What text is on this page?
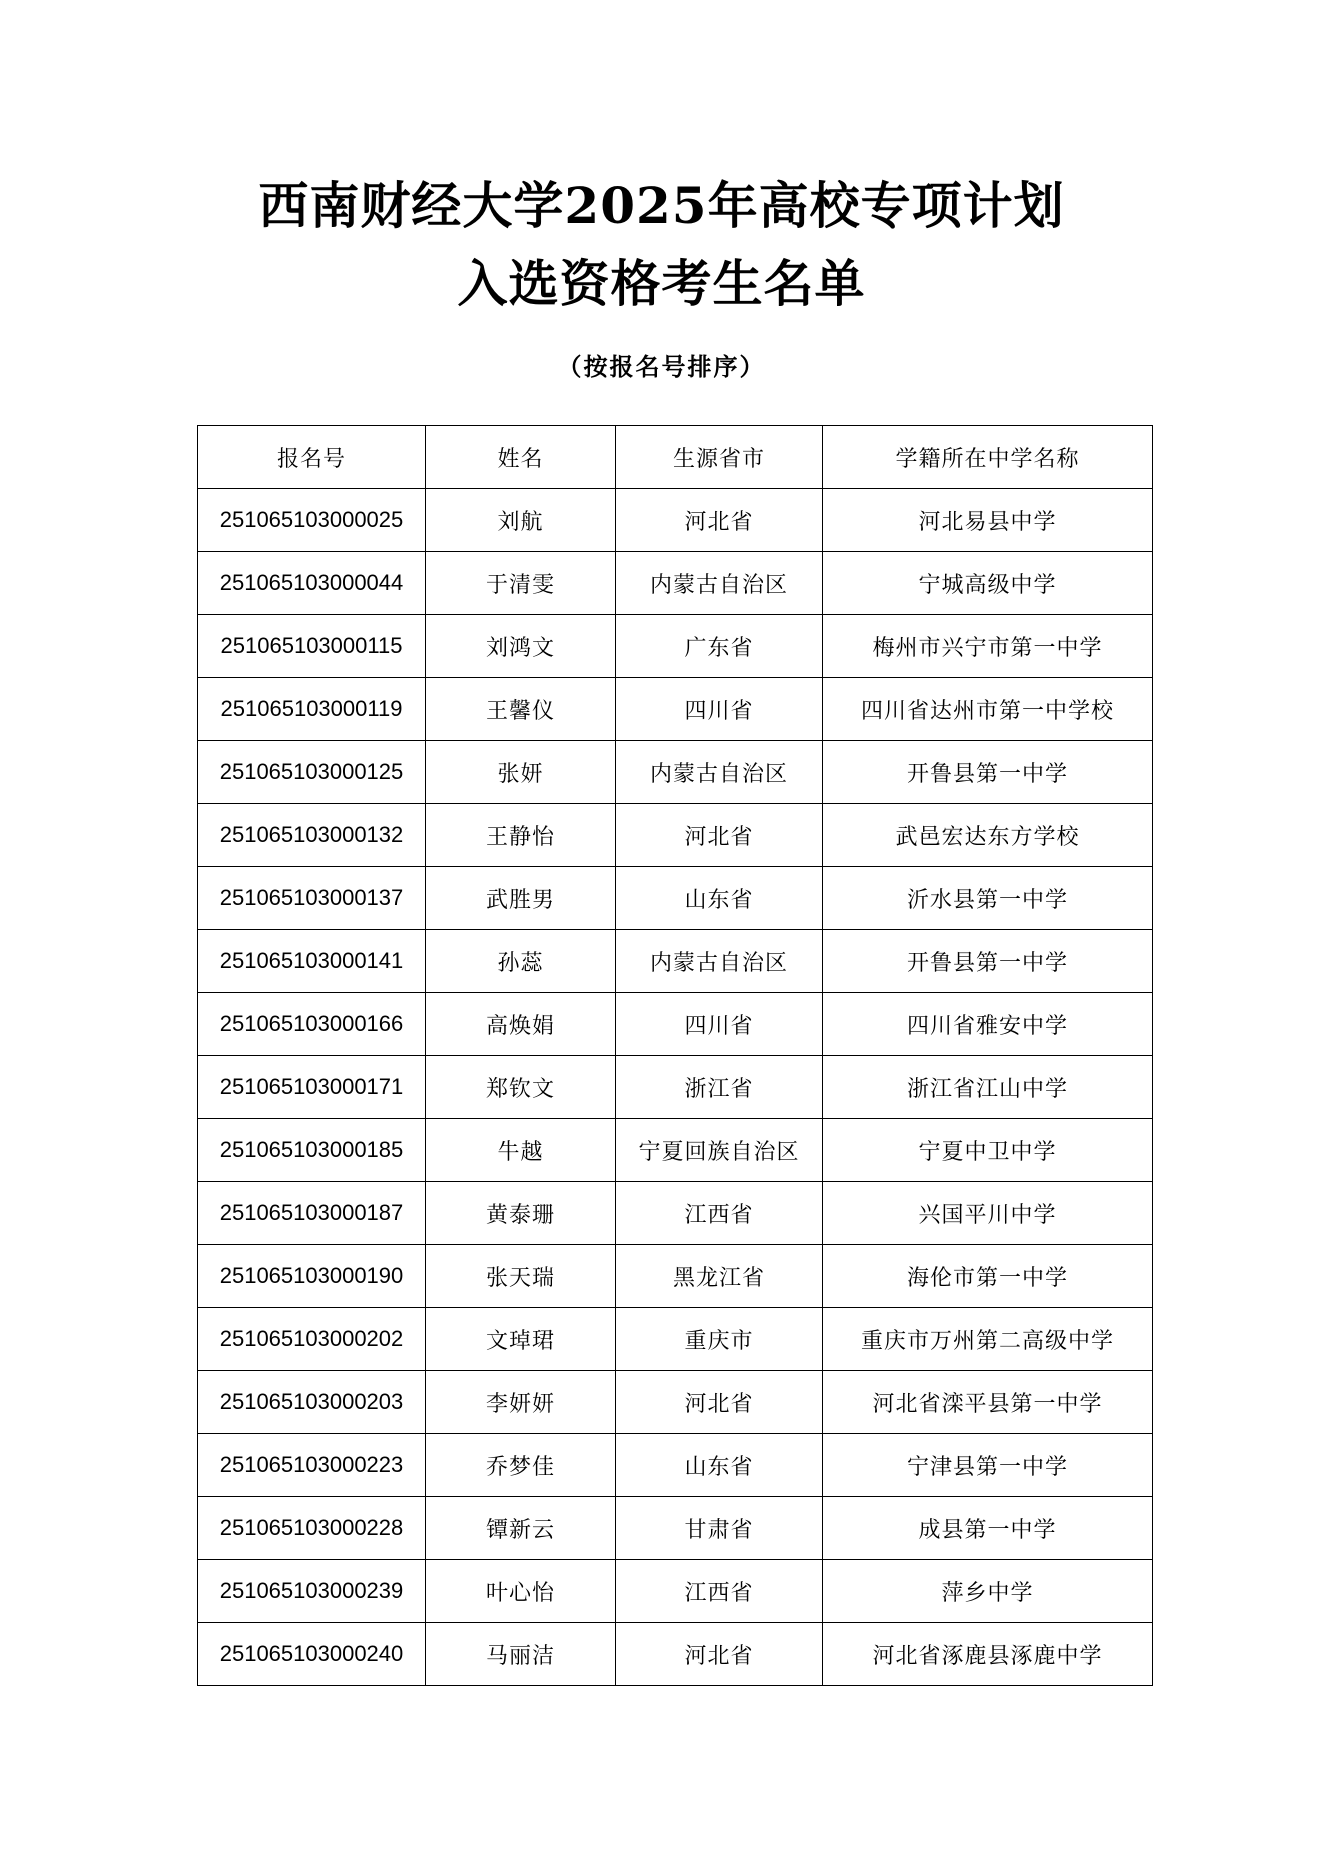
西南财经大学2025年高校专项计划
入选资格考生名单
（按报名号排序）
报名号	姓名	生源省市	学籍所在中学名称
251065103000025	刘航	河北省	河北易县中学
251065103000044	于清雯	内蒙古自治区	宁城高级中学
251065103000115	刘鸿文	广东省	梅州市兴宁市第一中学
251065103000119	王馨仪	四川省	四川省达州市第一中学校
251065103000125	张妍	内蒙古自治区	开鲁县第一中学
251065103000132	王静怡	河北省	武邑宏达东方学校
251065103000137	武胜男	山东省	沂水县第一中学
251065103000141	孙蕊	内蒙古自治区	开鲁县第一中学
251065103000166	高焕娟	四川省	四川省雅安中学
251065103000171	郑钦文	浙江省	浙江省江山中学
251065103000185	牛越	宁夏回族自治区	宁夏中卫中学
251065103000187	黄泰珊	江西省	兴国平川中学
251065103000190	张天瑞	黑龙江省	海伦市第一中学
251065103000202	文琸珺	重庆市	重庆市万州第二高级中学
251065103000203	李妍妍	河北省	河北省滦平县第一中学
251065103000223	乔梦佳	山东省	宁津县第一中学
251065103000228	镡新云	甘肃省	成县第一中学
251065103000239	叶心怡	江西省	萍乡中学
251065103000240	马丽洁	河北省	河北省涿鹿县涿鹿中学
